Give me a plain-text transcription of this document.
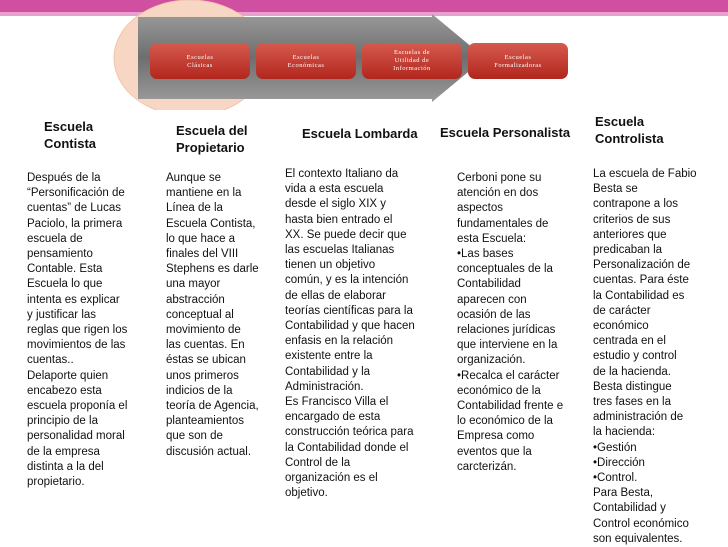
Escuelas
Clásicas
Escuelas
Económicas
Escuelas de
Utilidad de
Información
Escuelas
Formalizadoras
Escuela
Contista
Escuela del
Propietario
Escuela Lombarda Escuela Personalista
Escuela
Controlista
Después de la
“Personificación de
cuentas” de Lucas
Paciolo, la primera
escuela de
pensamiento
Contable. Esta
Escuela lo que
intenta es explicar
y justificar las
reglas que rigen los
movimientos de las
cuentas..
Delaporte quien
encabezo esta
escuela proponía el
principio de la
personalidad moral
de la empresa
distinta a la del
propietario.
Aunque se
mantiene en la
Línea de la
Escuela Contista,
lo que hace a
finales del VIII
Stephens es darle
una mayor
abstracción
conceptual al
movimiento de
las cuentas. En
éstas se ubican
unos primeros
indicios de la
teoría de Agencia,
planteamientos
que son de
discusión actual.
El contexto Italiano da
vida a esta escuela
desde el siglo XIX y
hasta bien entrado el
XX. Se puede decir que
las escuelas Italianas
tienen un objetivo
común, y es la intención
de ellas de elaborar
teorías científicas para la
Contabilidad y que hacen
enfasis en la relación
existente entre la
Contabilidad y la
Administración.
Es Francisco Villa el
encargado de esta
construcción teórica para
la Contabilidad donde el
Control de la
organización es el
objetivo.
Cerboni pone su
atención en dos
aspectos
fundamentales de
esta Escuela:
•Las bases
conceptuales de la
Contabilidad
aparecen con
ocasión de las
relaciones jurídicas
que interviene en la
organización.
•Recalca el carácter
económico de la
Contabilidad frente e
lo económico de la
Empresa como
eventos que la
carcterizán.
La escuela de Fabio
Besta se
contrapone a los
criterios de sus
anteriores que
predicaban la
Personalización de
cuentas. Para éste
la Contabilidad es
de carácter
económico
centrada en el
estudio y control
de la hacienda.
Besta distingue
tres fases en la
administración de
la hacienda:
•Gestión
•Dirección
•Control.
Para Besta,
Contabilidad y
Control económico
son equivalentes.
